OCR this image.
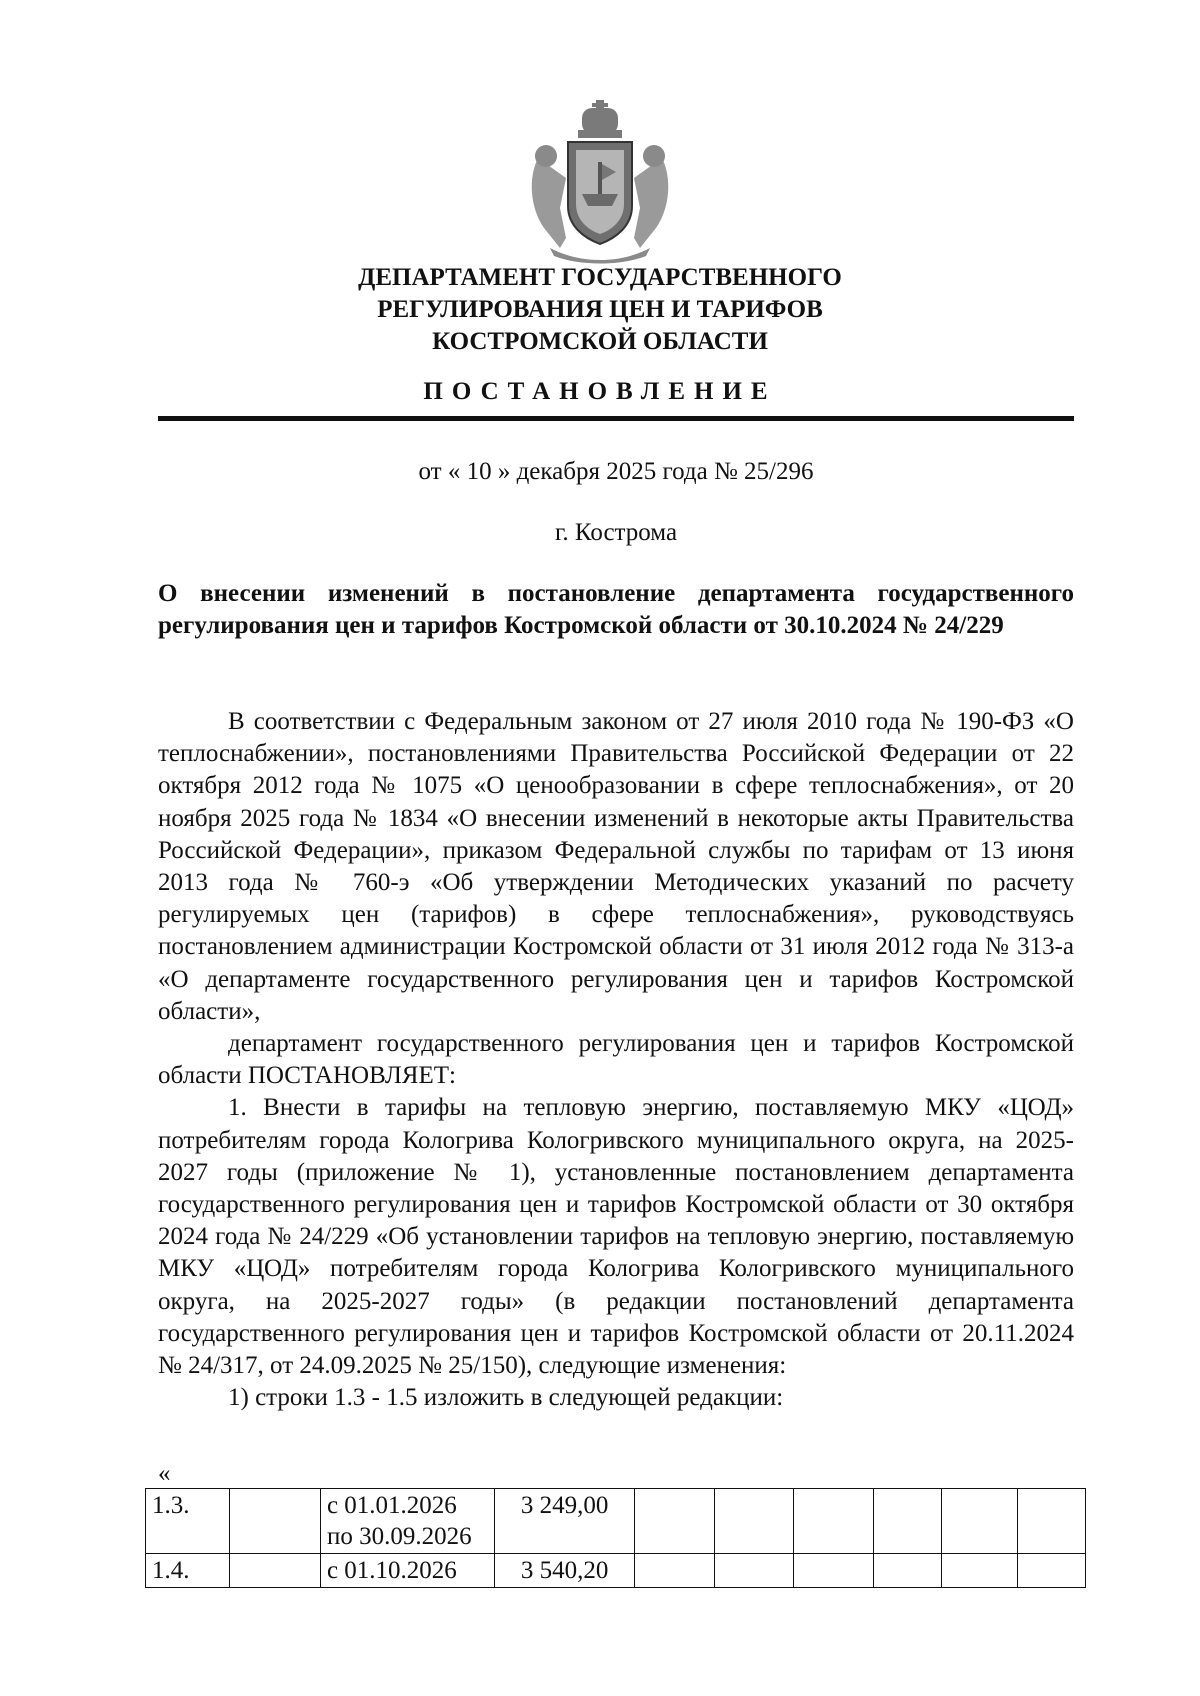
ДЕПАРТАМЕНТ ГОСУДАРСТВЕННОГО
РЕГУЛИРОВАНИЯ ЦЕН И ТАРИФОВ
КОСТРОМСКОЙ ОБЛАСТИ
ПОСТАНОВЛЕНИЕ
от « 10 » декабря 2025 года № 25/296
г. Кострома
О внесении изменений в постановление департамента государственного регулирования цен и тарифов Костромской области от 30.10.2024 № 24/229

В соответствии с Федеральным законом от 27 июля 2010 года № 190-ФЗ «О теплоснабжении», постановлениями Правительства Российской Федерации от 22 октября 2012 года № 1075 «О ценообразовании в сфере теплоснабжения», от 20 ноября 2025 года № 1834 «О внесении изменений в некоторые акты Правительства Российской Федерации», приказом Федеральной службы по тарифам от 13 июня 2013 года № 760-э «Об утверждении Методических указаний по расчету регулируемых цен (тарифов) в сфере теплоснабжения», руководствуясь постановлением администрации Костромской области от 31 июля 2012 года № 313-а «О департаменте государственного регулирования цен и тарифов Костромской области»,

департамент государственного регулирования цен и тарифов Костромской области ПОСТАНОВЛЯЕТ:

1. Внести в тарифы на тепловую энергию, поставляемую МКУ «ЦОД» потребителям города Кологрива Кологривского муниципального округа, на 2025-2027 годы (приложение № 1), установленные постановлением департамента государственного регулирования цен и тарифов Костромской области от 30 октября 2024 года № 24/229 «Об установлении тарифов на тепловую энергию, поставляемую МКУ «ЦОД» потребителям города Кологрива Кологривского муниципального округа, на 2025-2027 годы» (в редакции постановлений департамента государственного регулирования цен и тарифов Костромской области от 20.11.2024 № 24/317, от 24.09.2025 № 25/150), следующие изменения:

1) строки 1.3 - 1.5 изложить в следующей редакции:

«
1.3.		с 01.01.2026
по 30.09.2026	3 249,00						
1.4.		с 01.10.2026	3 540,20						
